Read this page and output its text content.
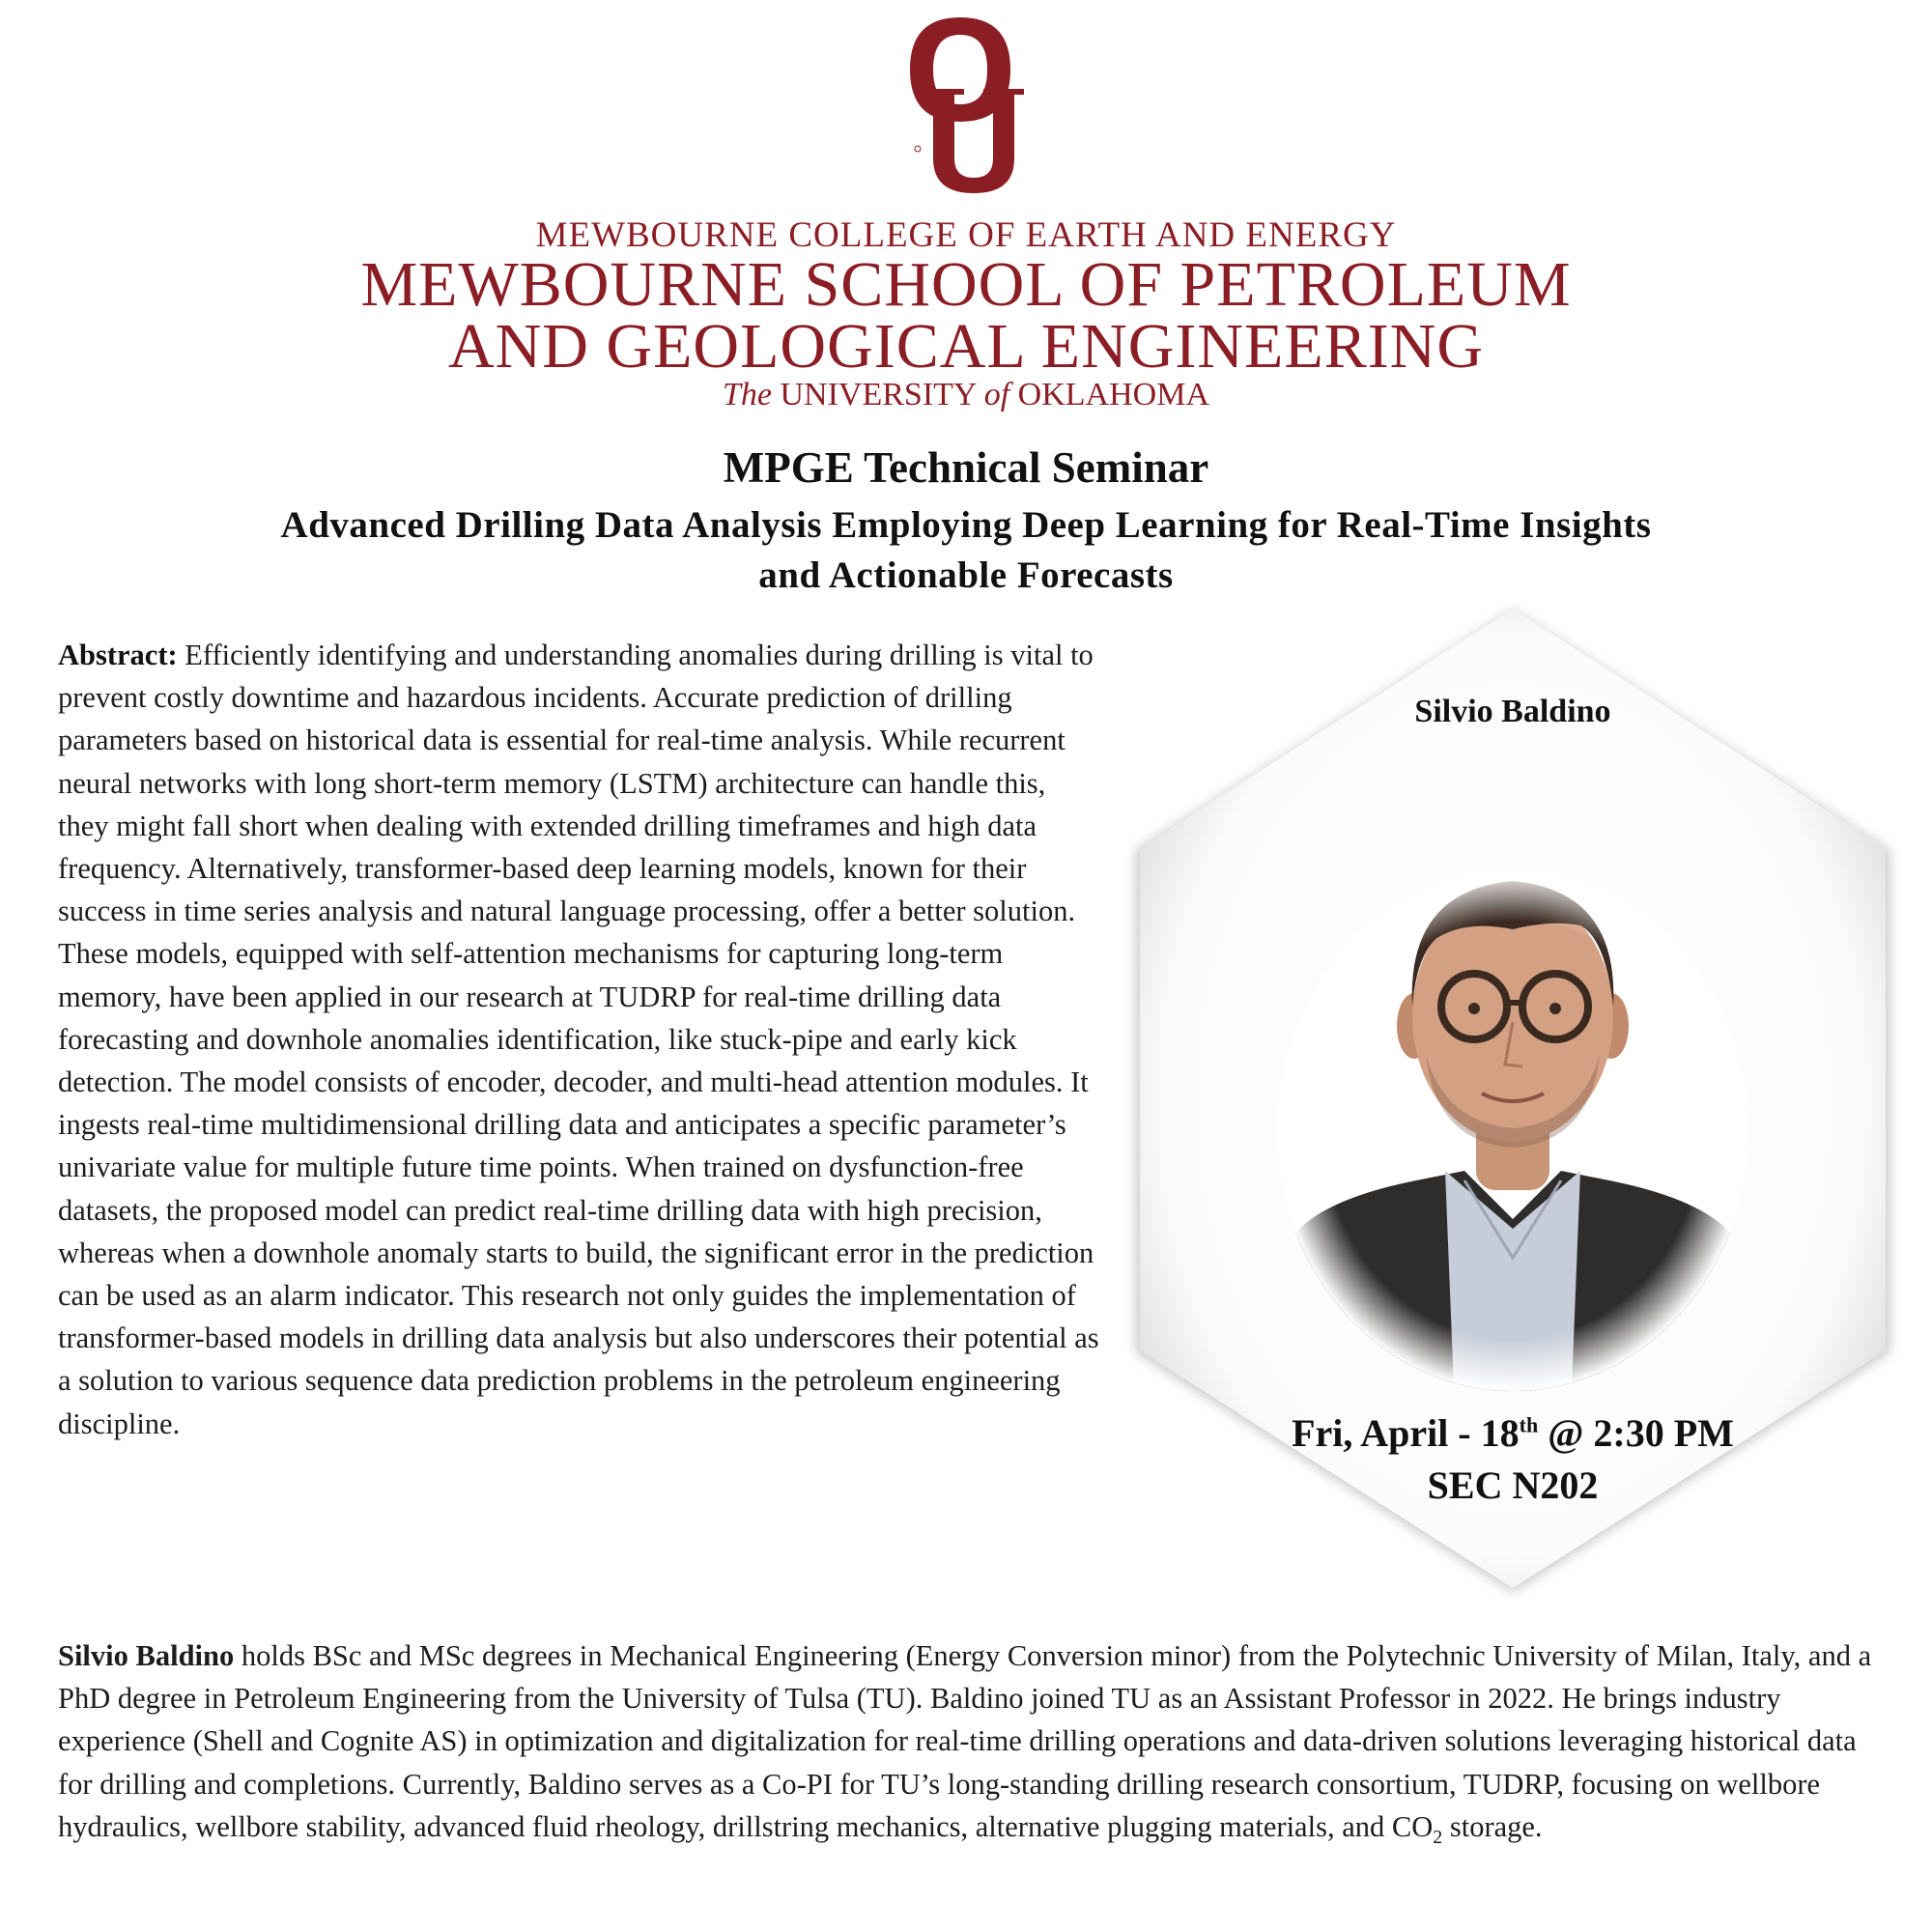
MEWBOURNE COLLEGE OF EARTH AND ENERGY
MEWBOURNE SCHOOL OF PETROLEUM
AND GEOLOGICAL ENGINEERING
The UNIVERSITY of OKLAHOMA
MPGE Technical Seminar
Advanced Drilling Data Analysis Employing Deep Learning for Real-Time Insights
and Actionable Forecasts
Abstract: Efficiently identifying and understanding anomalies during drilling is vital to prevent costly downtime and hazardous incidents. Accurate prediction of drilling parameters based on historical data is essential for real-time analysis. While recurrent neural networks with long short-term memory (LSTM) architecture can handle this, they might fall short when dealing with extended drilling timeframes and high data frequency. Alternatively, transformer-based deep learning models, known for their success in time series analysis and natural language processing, offer a better solution. These models, equipped with self-attention mechanisms for capturing long-term memory, have been applied in our research at TUDRP for real-time drilling data forecasting and downhole anomalies identification, like stuck-pipe and early kick detection. The model consists of encoder, decoder, and multi-head attention modules. It ingests real-time multidimensional drilling data and anticipates a specific parameter’s univariate value for multiple future time points. When trained on dysfunction-free datasets, the proposed model can predict real-time drilling data with high precision, whereas when a downhole anomaly starts to build, the significant error in the prediction can be used as an alarm indicator. This research not only guides the implementation of transformer-based models in drilling data analysis but also underscores their potential as a solution to various sequence data prediction problems in the petroleum engineering discipline.
Silvio Baldino
Fri, April - 18th @ 2:30 PM
SEC N202
Silvio Baldino holds BSc and MSc degrees in Mechanical Engineering (Energy Conversion minor) from the Polytechnic University of Milan, Italy, and a PhD degree in Petroleum Engineering from the University of Tulsa (TU). Baldino joined TU as an Assistant Professor in 2022. He brings industry experience (Shell and Cognite AS) in optimization and digitalization for real-time drilling operations and data-driven solutions leveraging historical data for drilling and completions. Currently, Baldino serves as a Co-PI for TU’s long-standing drilling research consortium, TUDRP, focusing on wellbore hydraulics, wellbore stability, advanced fluid rheology, drillstring mechanics, alternative plugging materials, and $CO_2$ storage.
